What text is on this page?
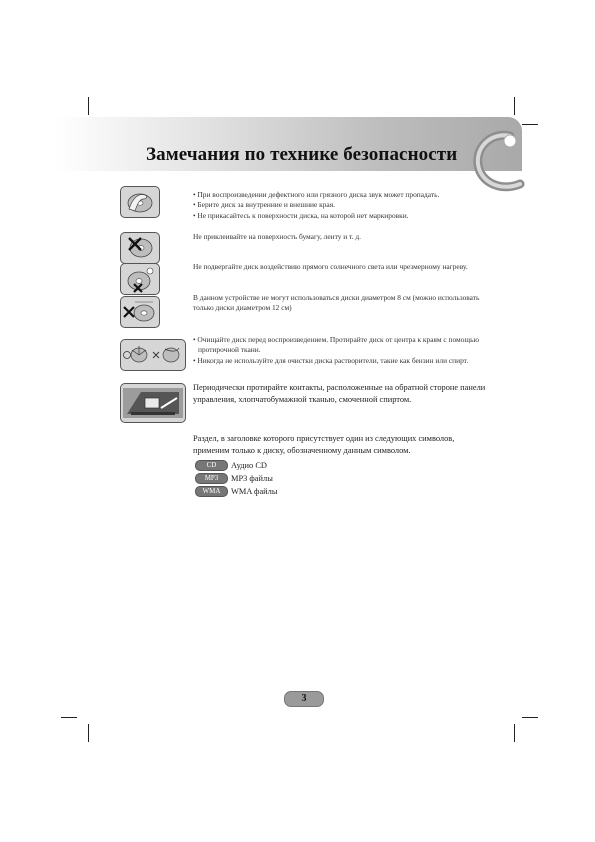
Замечания по технике безопасности
• При воспроизведении дефектного или грязного диска звук может пропадать.
• Берите диск за внутренние и внешние края.
• Не прикасайтесь к поверхности диска, на которой нет маркировки.
Не приклеивайте на поверхность бумагу, ленту и т. д.
Не подвергайте диск воздействию прямого солнечного света или чрезмерному нагреву.
В данном устройстве не могут использоваться диски диаметром 8 см (можно использовать только диски диаметром 12 см)
• Очищайте диск перед воспроизведением. Протирайте диск от центра к краям с помощью протирочной ткани.
• Никогда не используйте для очистки диска растворители, такие как бензин или спирт.
Периодически протирайте контакты, расположенные на обратной стороне панели управления, хлопчатобумажной тканью, смоченной спиртом.
Раздел, в заголовке которого присутствует один из следующих символов, применим только к диску, обозначенному данным символом.
CD	Аудио CD
MP3	MP3 файлы
WMA	WMA файлы
3
